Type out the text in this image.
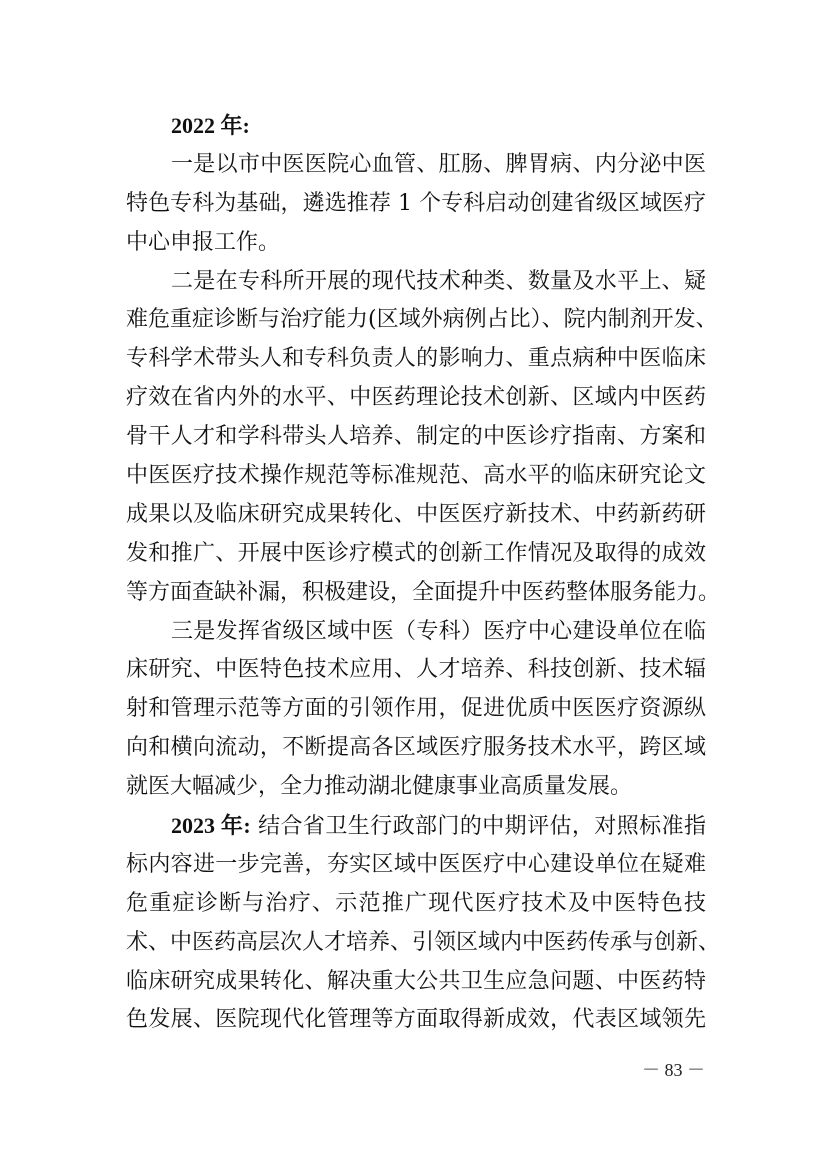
2022 年:
一是以市中医医院心血管、肛肠、脾胃病、内分泌中医
特色专科为基础，遴选推荐 1 个专科启动创建省级区域医疗
中心申报工作。
二是在专科所开展的现代技术种类、数量及水平上、疑
难危重症诊断与治疗能力(区域外病例占比）、院内制剂开发、
专科学术带头人和专科负责人的影响力、重点病种中医临床
疗效在省内外的水平、中医药理论技术创新、区域内中医药
骨干人才和学科带头人培养、制定的中医诊疗指南、方案和
中医医疗技术操作规范等标准规范、高水平的临床研究论文
成果以及临床研究成果转化、中医医疗新技术、中药新药研
发和推广、开展中医诊疗模式的创新工作情况及取得的成效
等方面查缺补漏，积极建设，全面提升中医药整体服务能力。
三是发挥省级区域中医（专科）医疗中心建设单位在临
床研究、中医特色技术应用、人才培养、科技创新、技术辐
射和管理示范等方面的引领作用，促进优质中医医疗资源纵
向和横向流动，不断提高各区域医疗服务技术水平，跨区域
就医大幅减少，全力推动湖北健康事业高质量发展。
2023 年: 结合省卫生行政部门的中期评估，对照标准指
标内容进一步完善，夯实区域中医医疗中心建设单位在疑难
危重症诊断与治疗、示范推广现代医疗技术及中医特色技
术、中医药高层次人才培养、引领区域内中医药传承与创新、
临床研究成果转化、解决重大公共卫生应急问题、中医药特
色发展、医院现代化管理等方面取得新成效，代表区域领先
－ 83 －
